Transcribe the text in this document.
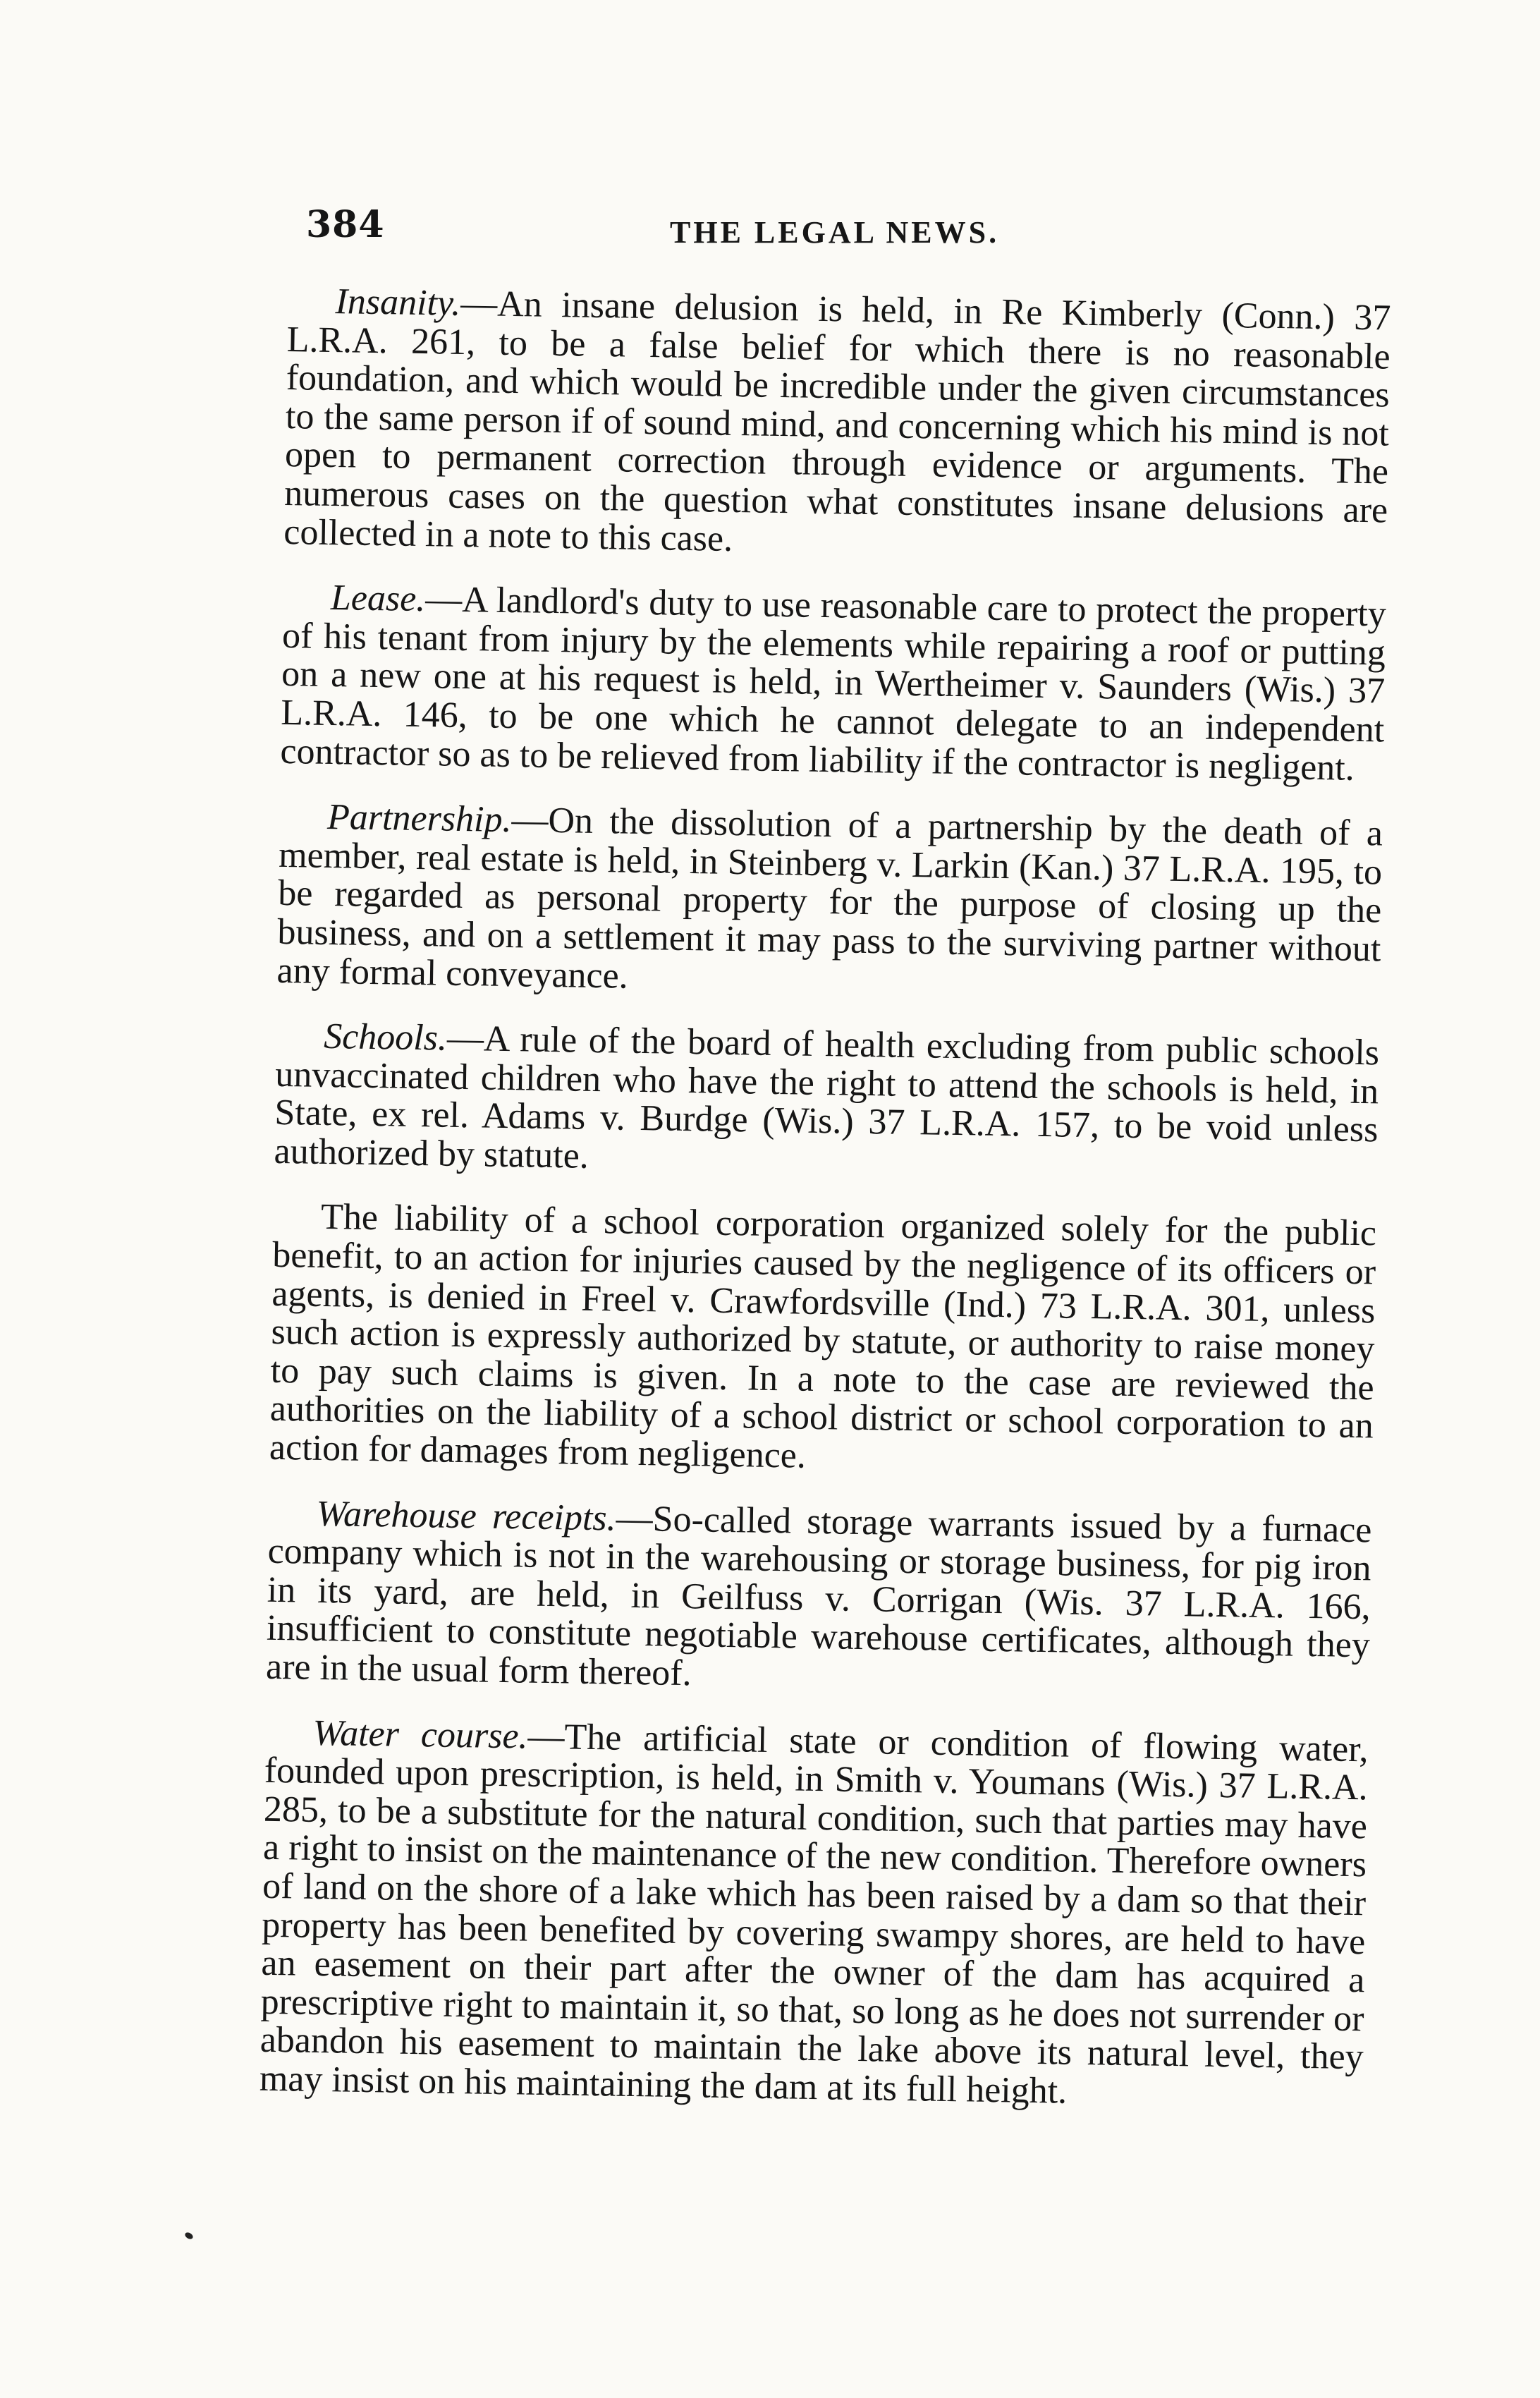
384	THE LEGAL NEWS.

Insanity.—An insane delusion is held, in Re Kimberly (Conn.) 37 L.R.A. 261, to be a false belief for which there is no reasonable foundation, and which would be incredible under the given circumstances to the same person if of sound mind, and concerning which his mind is not open to permanent correction through evidence or arguments. The numerous cases on the question what constitutes insane delusions are collected in a note to this case.

Lease.—A landlord's duty to use reasonable care to protect the property of his tenant from injury by the elements while repairing a roof or putting on a new one at his request is held, in Wertheimer v. Saunders (Wis.) 37 L.R.A. 146, to be one which he cannot delegate to an independent contractor so as to be relieved from liability if the contractor is negligent.

Partnership.—On the dissolution of a partnership by the death of a member, real estate is held, in Steinberg v. Larkin (Kan.) 37 L.R.A. 195, to be regarded as personal property for the purpose of closing up the business, and on a settlement it may pass to the surviving partner without any formal conveyance.

Schools.—A rule of the board of health excluding from public schools unvaccinated children who have the right to attend the schools is held, in State, ex rel. Adams v. Burdge (Wis.) 37 L.R.A. 157, to be void unless authorized by statute.

The liability of a school corporation organized solely for the public benefit, to an action for injuries caused by the negligence of its officers or agents, is denied in Freel v. Crawfordsville (Ind.) 73 L.R.A. 301, unless such action is expressly authorized by statute, or authority to raise money to pay such claims is given. In a note to the case are reviewed the authorities on the liability of a school district or school corporation to an action for damages from negligence.

Warehouse receipts.—So-called storage warrants issued by a furnace company which is not in the warehousing or storage business, for pig iron in its yard, are held, in Geilfuss v. Corrigan (Wis. 37 L.R.A. 166, insufficient to constitute negotiable warehouse certificates, although they are in the usual form thereof.

Water course.—The artificial state or condition of flowing water, founded upon prescription, is held, in Smith v. Youmans (Wis.) 37 L.R.A. 285, to be a substitute for the natural condition, such that parties may have a right to insist on the maintenance of the new condition. Therefore owners of land on the shore of a lake which has been raised by a dam so that their property has been benefited by covering swampy shores, are held to have an easement on their part after the owner of the dam has acquired a prescriptive right to maintain it, so that, so long as he does not surrender or abandon his easement to maintain the lake above its natural level, they may insist on his maintaining the dam at its full height.
